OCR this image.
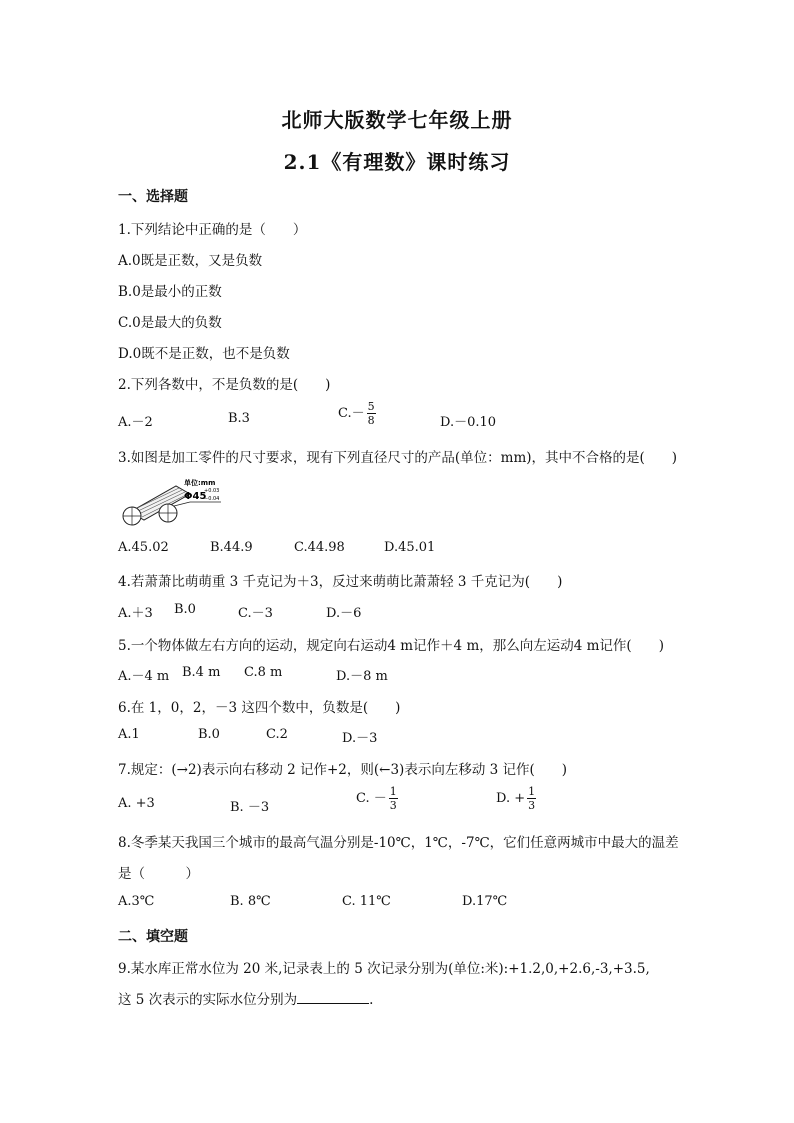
北师大版数学七年级上册
2.1《有理数》课时练习
一、选择题
1.下列结论中正确的是（　　）
A.0既是正数，又是负数
B.0是最小的正数
C.0是最大的负数
D.0既不是正数，也不是负数
2.下列各数中，不是负数的是(　　)
A.－2	B.3	$C.- \frac{5}{8}$	D.－0.10
3.如图是加工零件的尺寸要求，现有下列直径尺寸的产品(单位：mm)，其中不合格的是(　　)
单位:mm
Φ45
+0.03
−0.04
A.45.02	B.44.9	C.44.98	D.45.01
4.若萧萧比萌萌重 3 千克记为＋3，反过来萌萌比萧萧轻 3 千克记为(　　)
A.＋3 B.0	C.－3	D.－6
5.一个物体做左右方向的运动，规定向右运动4 m记作＋4 m，那么向左运动4 m记作(　　)
A.－4 m B.4 m C.8 m	D.－8 m
6.在 1，0，2，－3 这四个数中，负数是(　　)
A.1	B.0	C.2	D.－3
7.规定：(→2)表示向右移动 2 记作+2，则(←3)表示向左移动 3 记作(　　)
A. +3	B. －3
C. － $\frac{1}{3}$	D. + $\frac{1}{3}$
8.冬季某天我国三个城市的最高气温分别是-10℃，1℃，-7℃，它们任意两城市中最大的温差
是（　　　）
A.3℃	B. 8℃	C. 11℃	D.17℃
二、填空题
9.某水库正常水位为 20 米,记录表上的 5 次记录分别为(单位:米):+1.2,0,+2.6,-3,+3.5,
这 5 次表示的实际水位分别为	.
